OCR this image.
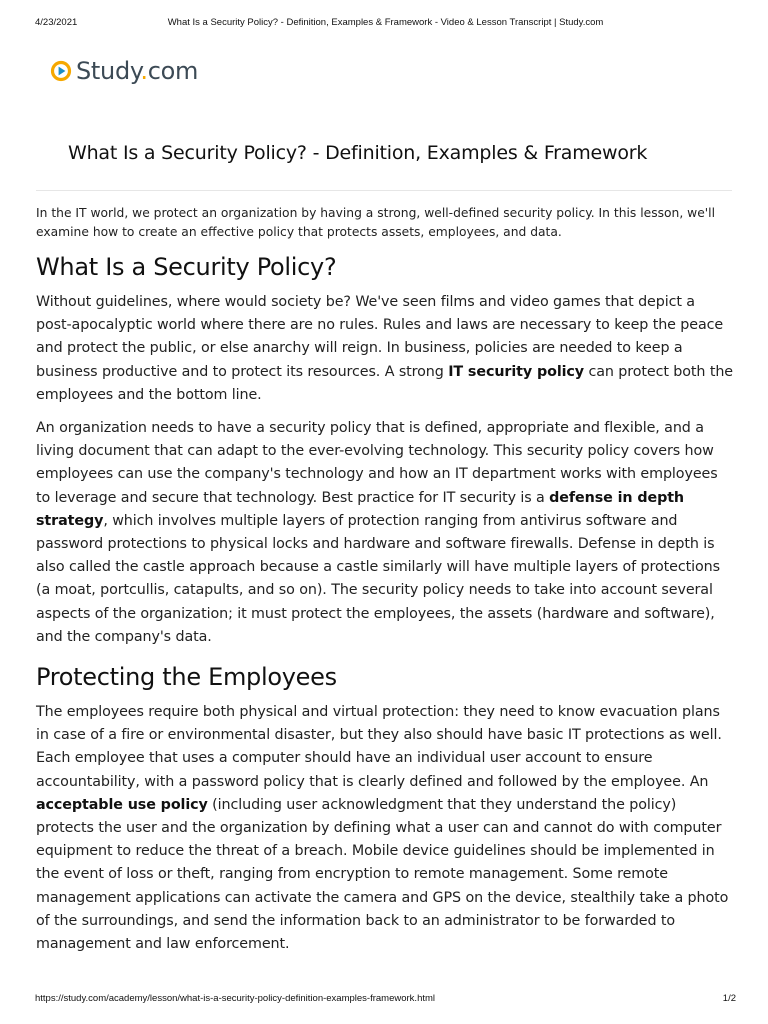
4/23/2021	What Is a Security Policy? - Definition, Examples & Framework - Video & Lesson Transcript | Study.com
Study.com
What Is a Security Policy? - Definition, Examples & Framework

In the IT world, we protect an organization by having a strong, well-defined security policy. In this lesson, we'll examine how to create an effective policy that protects assets, employees, and data.

What Is a Security Policy?

Without guidelines, where would society be? We've seen films and video games that depict a post-apocalyptic world where there are no rules. Rules and laws are necessary to keep the peace and protect the public, or else anarchy will reign. In business, policies are needed to keep a business productive and to protect its resources. A strong IT security policy can protect both the employees and the bottom line.

An organization needs to have a security policy that is defined, appropriate and flexible, and a living document that can adapt to the ever-evolving technology. This security policy covers how employees can use the company's technology and how an IT department works with employees to leverage and secure that technology. Best practice for IT security is a defense in depth strategy, which involves multiple layers of protection ranging from antivirus software and password protections to physical locks and hardware and software firewalls. Defense in depth is also called the castle approach because a castle similarly will have multiple layers of protections (a moat, portcullis, catapults, and so on). The security policy needs to take into account several aspects of the organization; it must protect the employees, the assets (hardware and software), and the company's data.

Protecting the Employees

The employees require both physical and virtual protection: they need to know evacuation plans in case of a fire or environmental disaster, but they also should have basic IT protections as well. Each employee that uses a computer should have an individual user account to ensure accountability, with a password policy that is clearly defined and followed by the employee. An acceptable use policy (including user acknowledgment that they understand the policy) protects the user and the organization by defining what a user can and cannot do with computer equipment to reduce the threat of a breach. Mobile device guidelines should be implemented in the event of loss or theft, ranging from encryption to remote management. Some remote management applications can activate the camera and GPS on the device, stealthily take a photo of the surroundings, and send the information back to an administrator to be forwarded to management and law enforcement.

https://study.com/academy/lesson/what-is-a-security-policy-definition-examples-framework.html	1/2
